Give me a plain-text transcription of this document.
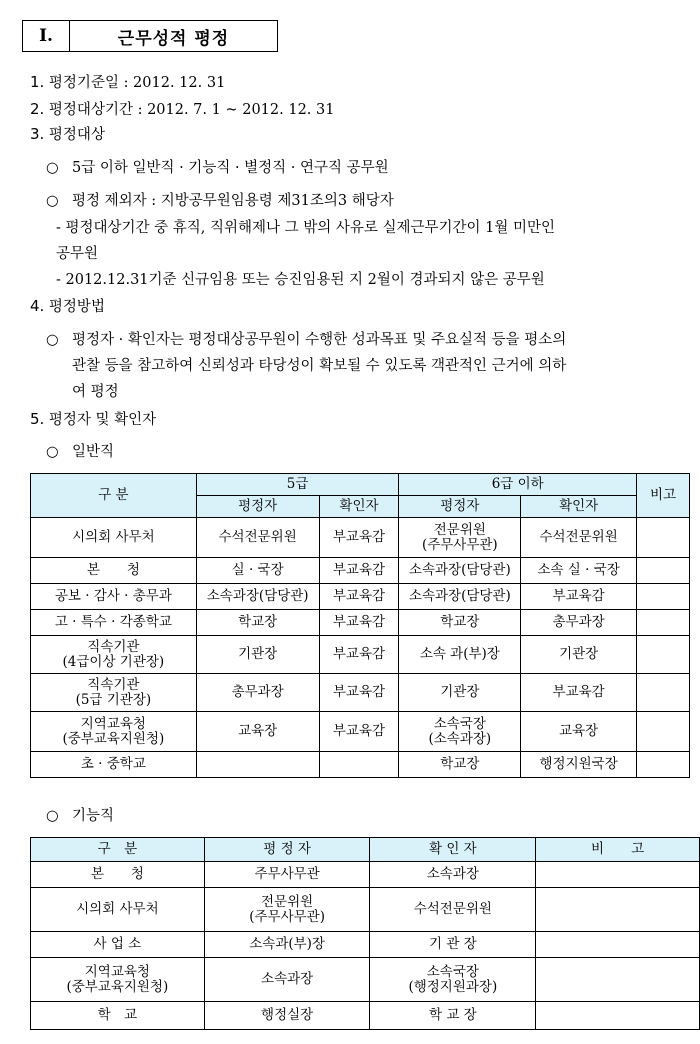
Ⅰ.	근무성적 평정
1. 평정기준일 : 2012. 12. 31
2. 평정대상기간 : 2012. 7. 1 ~ 2012. 12. 31
3. 평정대상
○ 5급 이하 일반직 · 기능직 · 별정직 · 연구직 공무원
○ 평정 제외자 : 지방공무원임용령 제31조의3 해당자
- 평정대상기간 중 휴직, 직위해제나 그 밖의 사유로 실제근무기간이 1월 미만인
공무원
- 2012.12.31기준 신규임용 또는 승진임용된 지 2월이 경과되지 않은 공무원
4. 평정방법
○ 평정자 · 확인자는 평정대상공무원이 수행한 성과목표 및 주요실적 등을 평소의
관찰 등을 참고하여 신뢰성과 타당성이 확보될 수 있도록 객관적인 근거에 의하
여 평정
5. 평정자 및 확인자
○ 일반직
구 분	5급		6급 이하		비고
	평정자	확인자	평정자	확인자	
시의회 사무처	수석전문위원	부교육감	전문위원
(주무사무관)	수석전문위원	
본　　청	실 · 국장	부교육감	소속과장(담당관)	소속 실 · 국장	
공보 · 감사 · 총무과	소속과장(담당관)	부교육감	소속과장(담당관)	부교육감	
고 · 특수 · 각종학교	학교장	부교육감	학교장	총무과장	
직속기관
(4급이상 기관장)	기관장	부교육감	소속 과(부)장	기관장	
직속기관
(5급 기관장)	총무과장	부교육감	기관장	부교육감	
지역교육청
(중부교육지원청)	교육장	부교육감	소속국장
(소속과장)	교육장	
초 · 중학교			학교장	행정지원국장	
○ 기능직
구　분	평 정 자	확 인 자	비　　고
본　　청	주무사무관	소속과장	
시의회 사무처	전문위원
(주무사무관)	수석전문위원	
사 업 소	소속과(부)장	기 관 장	
지역교육청
(중부교육지원청)	소속과장	소속국장
(행정지원과장)	
학　교	행정실장	학 교 장	
